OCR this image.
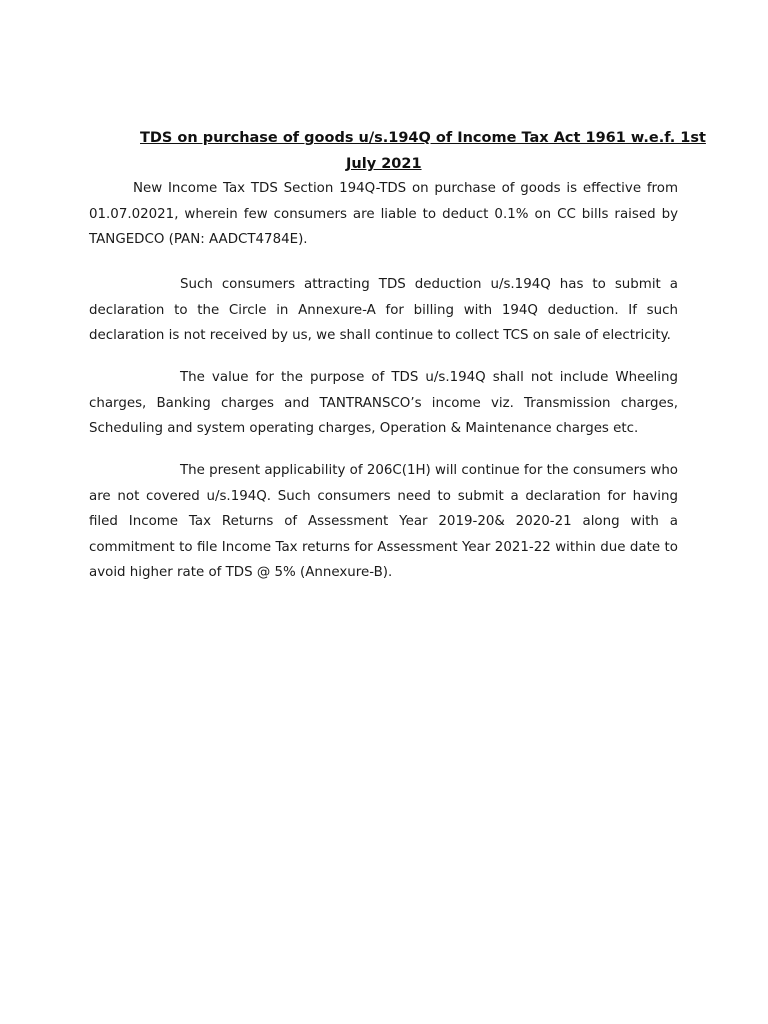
TDS on purchase of goods u/s.194Q of Income Tax Act 1961 w.e.f. 1st
July 2021

New Income Tax TDS Section 194Q-TDS on purchase of goods is effective from
01.07.02021, wherein few consumers are liable to deduct 0.1% on CC bills raised by
TANGEDCO (PAN: AADCT4784E).

Such consumers attracting TDS deduction u/s.194Q has to submit a
declaration to the Circle in Annexure-A for billing with 194Q deduction. If such
declaration is not received by us, we shall continue to collect TCS on sale of electricity.

The value for the purpose of TDS u/s.194Q shall not include Wheeling
charges, Banking charges and TANTRANSCO’s income viz. Transmission charges,
Scheduling and system operating charges, Operation & Maintenance charges etc.

The present applicability of 206C(1H) will continue for the consumers who
are not covered u/s.194Q. Such consumers need to submit a declaration for having
filed Income Tax Returns of Assessment Year 2019-20& 2020-21 along with a
commitment to file Income Tax returns for Assessment Year 2021-22 within due date to
avoid higher rate of TDS @ 5% (Annexure-B).
